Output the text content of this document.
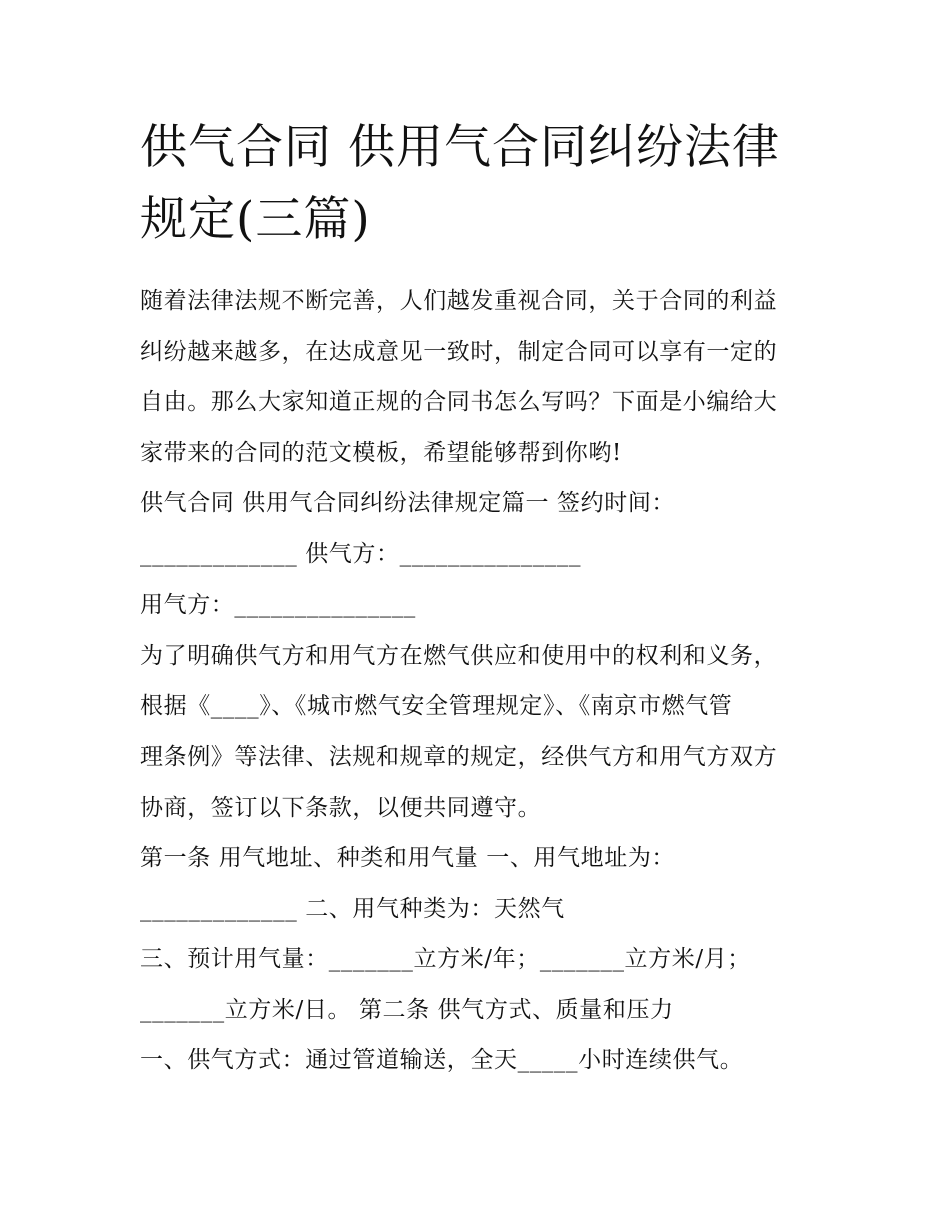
供气合同 供用气合同纠纷法律
规定(三篇)
随着法律法规不断完善，人们越发重视合同，关于合同的利益
纠纷越来越多，在达成意见一致时，制定合同可以享有一定的
自由。那么大家知道正规的合同书怎么写吗？下面是小编给大
家带来的合同的范文模板，希望能够帮到你哟!
供气合同 供用气合同纠纷法律规定篇一 签约时间：
_____________ 供气方：_______________
用气方：_______________
为了明确供气方和用气方在燃气供应和使用中的权利和义务，
根据《____》、《城市燃气安全管理规定》、《南京市燃气管
理条例》等法律、法规和规章的规定，经供气方和用气方双方
协商，签订以下条款，以便共同遵守。
第一条 用气地址、种类和用气量 一、用气地址为：
_____________ 二、用气种类为：天然气
三、预计用气量：_______立方米/年；_______立方米/月；
_______立方米/日。 第二条 供气方式、质量和压力
一、供气方式：通过管道输送，全天_____小时连续供气。
